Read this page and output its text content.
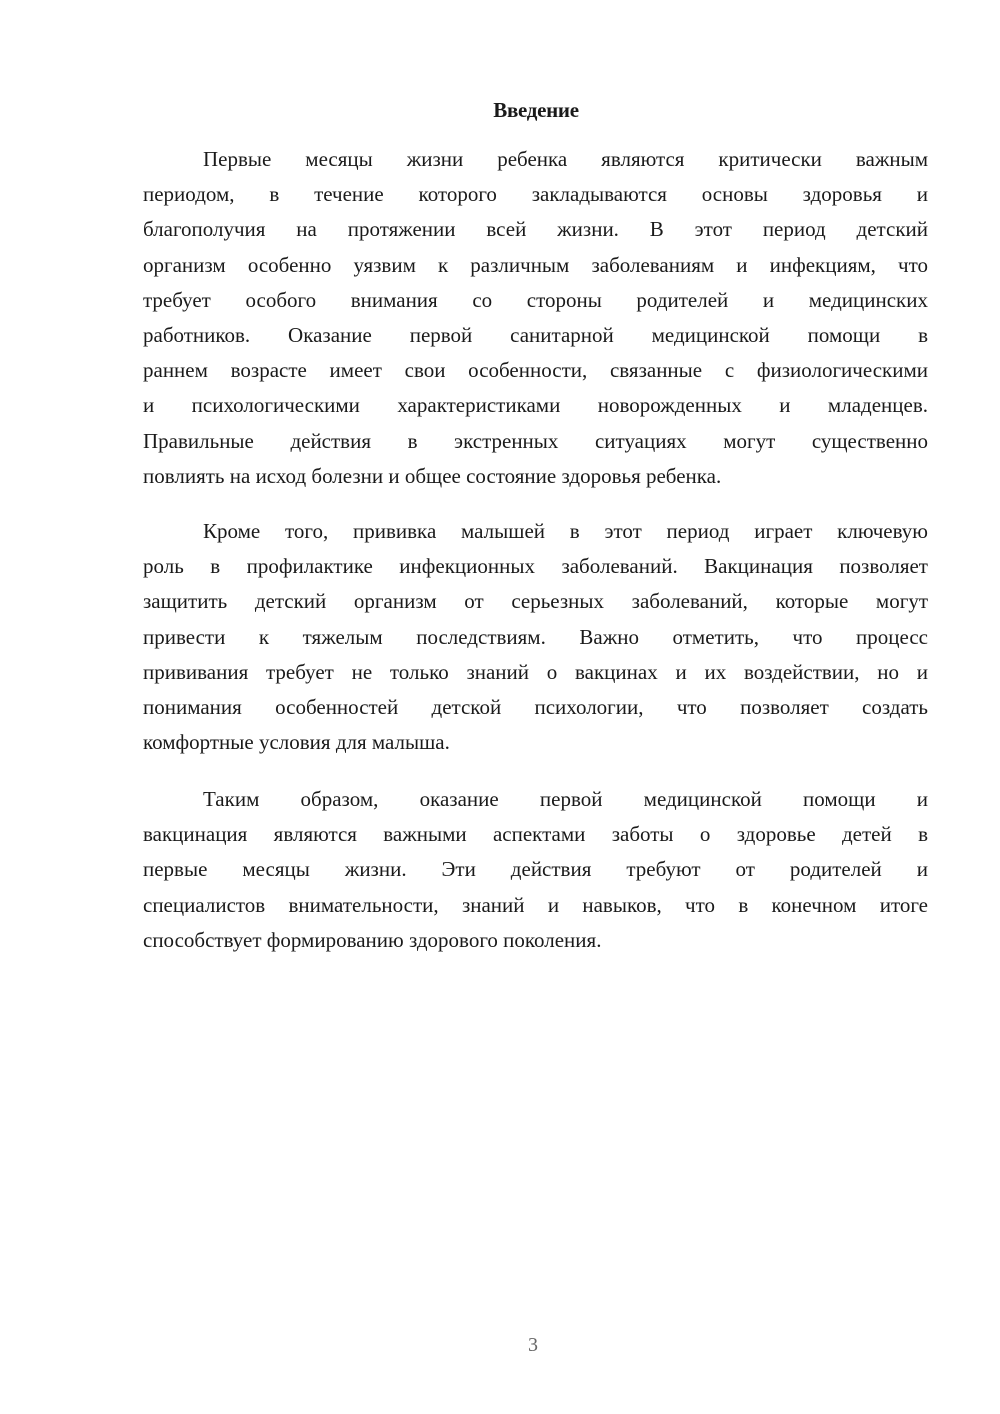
Введение
Первые месяцы жизни ребенка являются критически важным
периодом, в течение которого закладываются основы здоровья и
благополучия на протяжении всей жизни. В этот период детский
организм особенно уязвим к различным заболеваниям и инфекциям, что
требует особого внимания со стороны родителей и медицинских
работников. Оказание первой санитарной медицинской помощи в
раннем возрасте имеет свои особенности, связанные с физиологическими
и психологическими характеристиками новорожденных и младенцев.
Правильные действия в экстренных ситуациях могут существенно
повлиять на исход болезни и общее состояние здоровья ребенка.
Кроме того, прививка малышей в этот период играет ключевую
роль в профилактике инфекционных заболеваний. Вакцинация позволяет
защитить детский организм от серьезных заболеваний, которые могут
привести к тяжелым последствиям. Важно отметить, что процесс
прививания требует не только знаний о вакцинах и их воздействии, но и
понимания особенностей детской психологии, что позволяет создать
комфортные условия для малыша.
Таким образом, оказание первой медицинской помощи и
вакцинация являются важными аспектами заботы о здоровье детей в
первые месяцы жизни. Эти действия требуют от родителей и
специалистов внимательности, знаний и навыков, что в конечном итоге
способствует формированию здорового поколения.
3
